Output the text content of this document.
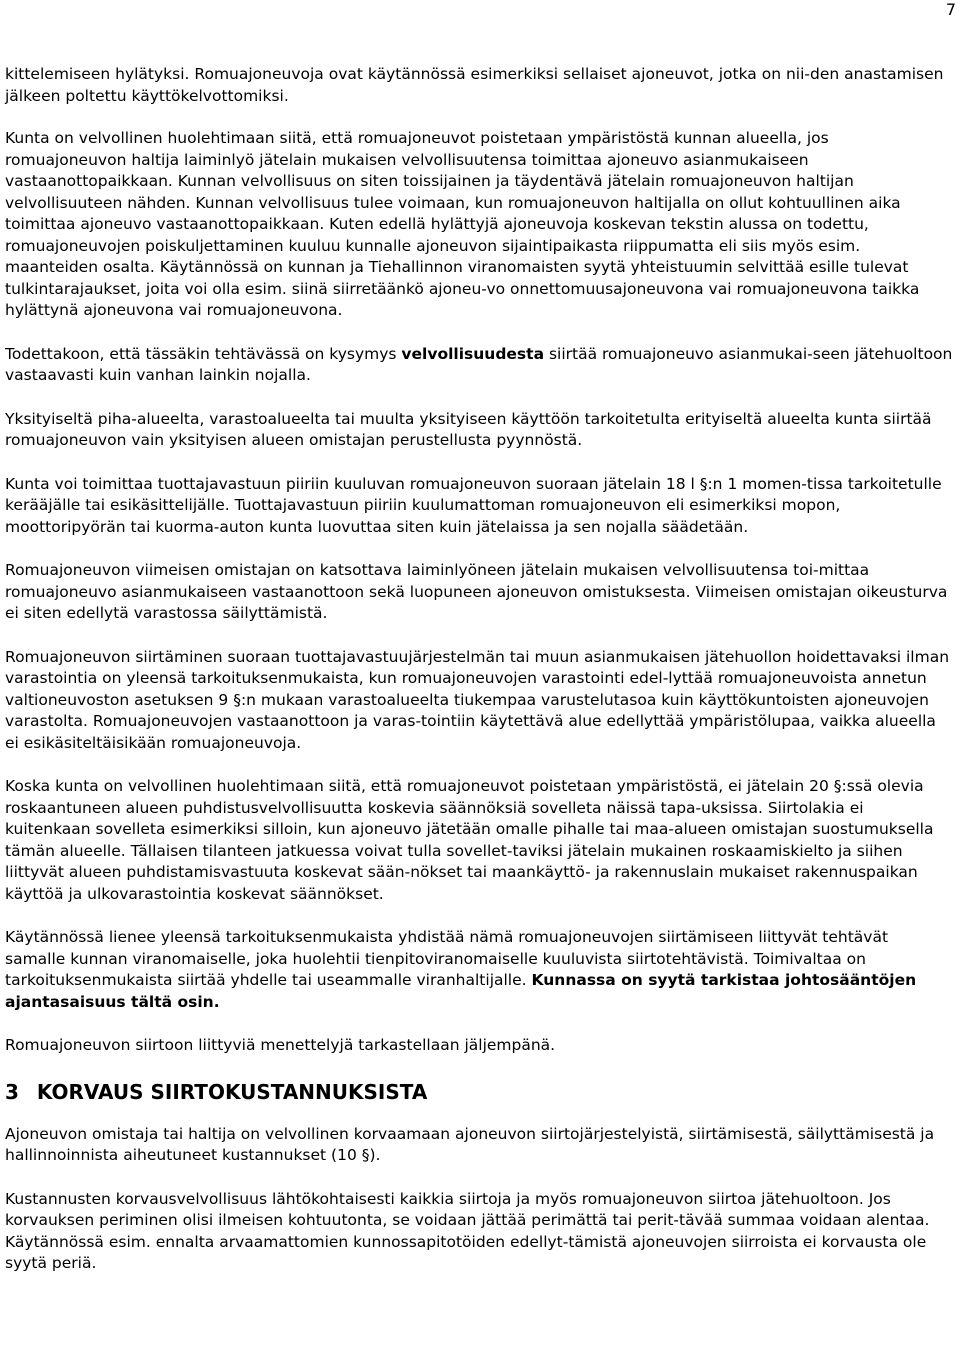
7

kittelemiseen hylätyksi. Romuajoneuvoja ovat käytännössä esimerkiksi sellaiset ajoneuvot, jotka on nii-den anastamisen jälkeen poltettu käyttökelvottomiksi.

Kunta on velvollinen huolehtimaan siitä, että romuajoneuvot poistetaan ympäristöstä kunnan alueella, jos romuajoneuvon haltija laiminlyö jätelain mukaisen velvollisuutensa toimittaa ajoneuvo asianmukaiseen vastaanottopaikkaan. Kunnan velvollisuus on siten toissijainen ja täydentävä jätelain romuajoneuvon haltijan velvollisuuteen nähden. Kunnan velvollisuus tulee voimaan, kun romuajoneuvon haltijalla on ollut kohtuullinen aika toimittaa ajoneuvo vastaanottopaikkaan. Kuten edellä hylättyjä ajoneuvoja koskevan tekstin alussa on todettu, romuajoneuvojen poiskuljettaminen kuuluu kunnalle ajoneuvon sijaintipaikasta riippumatta eli siis myös esim. maanteiden osalta. Käytännössä on kunnan ja Tiehallinnon viranomaisten syytä yhteistuumin selvittää esille tulevat tulkintarajaukset, joita voi olla esim. siinä siirretäänkö ajoneu-vo onnettomuusajoneuvona vai romuajoneuvona taikka hylättynä ajoneuvona vai romuajoneuvona.

Todettakoon, että tässäkin tehtävässä on kysymys velvollisuudesta siirtää romuajoneuvo asianmukai-seen jätehuoltoon vastaavasti kuin vanhan lainkin nojalla.

Yksityiseltä piha-alueelta, varastoalueelta tai muulta yksityiseen käyttöön tarkoitetulta erityiseltä alueelta kunta siirtää romuajoneuvon vain yksityisen alueen omistajan perustellusta pyynnöstä.

Kunta voi toimittaa tuottajavastuun piiriin kuuluvan romuajoneuvon suoraan jätelain 18 l §:n 1 momen-tissa tarkoitetulle kerääjälle tai esikäsittelijälle. Tuottajavastuun piiriin kuulumattoman romuajoneuvon eli esimerkiksi mopon, moottoripyörän tai kuorma-auton kunta luovuttaa siten kuin jätelaissa ja sen nojalla säädetään.

Romuajoneuvon viimeisen omistajan on katsottava laiminlyöneen jätelain mukaisen velvollisuutensa toi-mittaa romuajoneuvo asianmukaiseen vastaanottoon sekä luopuneen ajoneuvon omistuksesta. Viimeisen omistajan oikeusturva ei siten edellytä varastossa säilyttämistä.

Romuajoneuvon siirtäminen suoraan tuottajavastuujärjestelmän tai muun asianmukaisen jätehuollon hoidettavaksi ilman varastointia on yleensä tarkoituksenmukaista, kun romuajoneuvojen varastointi edel-lyttää romuajoneuvoista annetun valtioneuvoston asetuksen 9 §:n mukaan varastoalueelta tiukempaa varustelutasoa kuin käyttökuntoisten ajoneuvojen varastolta. Romuajoneuvojen vastaanottoon ja varas-tointiin käytettävä alue edellyttää ympäristölupaa, vaikka alueella ei esikäsiteltäisikään romuajoneuvoja.

Koska kunta on velvollinen huolehtimaan siitä, että romuajoneuvot poistetaan ympäristöstä, ei jätelain 20 §:ssä olevia roskaantuneen alueen puhdistusvelvollisuutta koskevia säännöksiä sovelleta näissä tapa-uksissa. Siirtolakia ei kuitenkaan sovelleta esimerkiksi silloin, kun ajoneuvo jätetään omalle pihalle tai maa-alueen omistajan suostumuksella tämän alueelle. Tällaisen tilanteen jatkuessa voivat tulla sovellet-taviksi jätelain mukainen roskaamiskielto ja siihen liittyvät alueen puhdistamisvastuuta koskevat sään-nökset tai maankäyttö- ja rakennuslain mukaiset rakennuspaikan käyttöä ja ulkovarastointia koskevat säännökset.

Käytännössä lienee yleensä tarkoituksenmukaista yhdistää nämä romuajoneuvojen siirtämiseen liittyvät tehtävät samalle kunnan viranomaiselle, joka huolehtii tienpitoviranomaiselle kuuluvista siirtotehtävistä. Toimivaltaa on tarkoituksenmukaista siirtää yhdelle tai useammalle viranhaltijalle. Kunnassa on syytä tarkistaa johtosääntöjen ajantasaisuus tältä osin.

Romuajoneuvon siirtoon liittyviä menettelyjä tarkastellaan jäljempänä.

3 KORVAUS SIIRTOKUSTANNUKSISTA

Ajoneuvon omistaja tai haltija on velvollinen korvaamaan ajoneuvon siirtojärjestelyistä, siirtämisestä, säilyttämisestä ja hallinnoinnista aiheutuneet kustannukset (10 §).

Kustannusten korvausvelvollisuus lähtökohtaisesti kaikkia siirtoja ja myös romuajoneuvon siirtoa jätehuoltoon. Jos korvauksen periminen olisi ilmeisen kohtuutonta, se voidaan jättää perimättä tai perit-tävää summaa voidaan alentaa. Käytännössä esim. ennalta arvaamattomien kunnossapitotöiden edellyt-tämistä ajoneuvojen siirroista ei korvausta ole syytä periä.
